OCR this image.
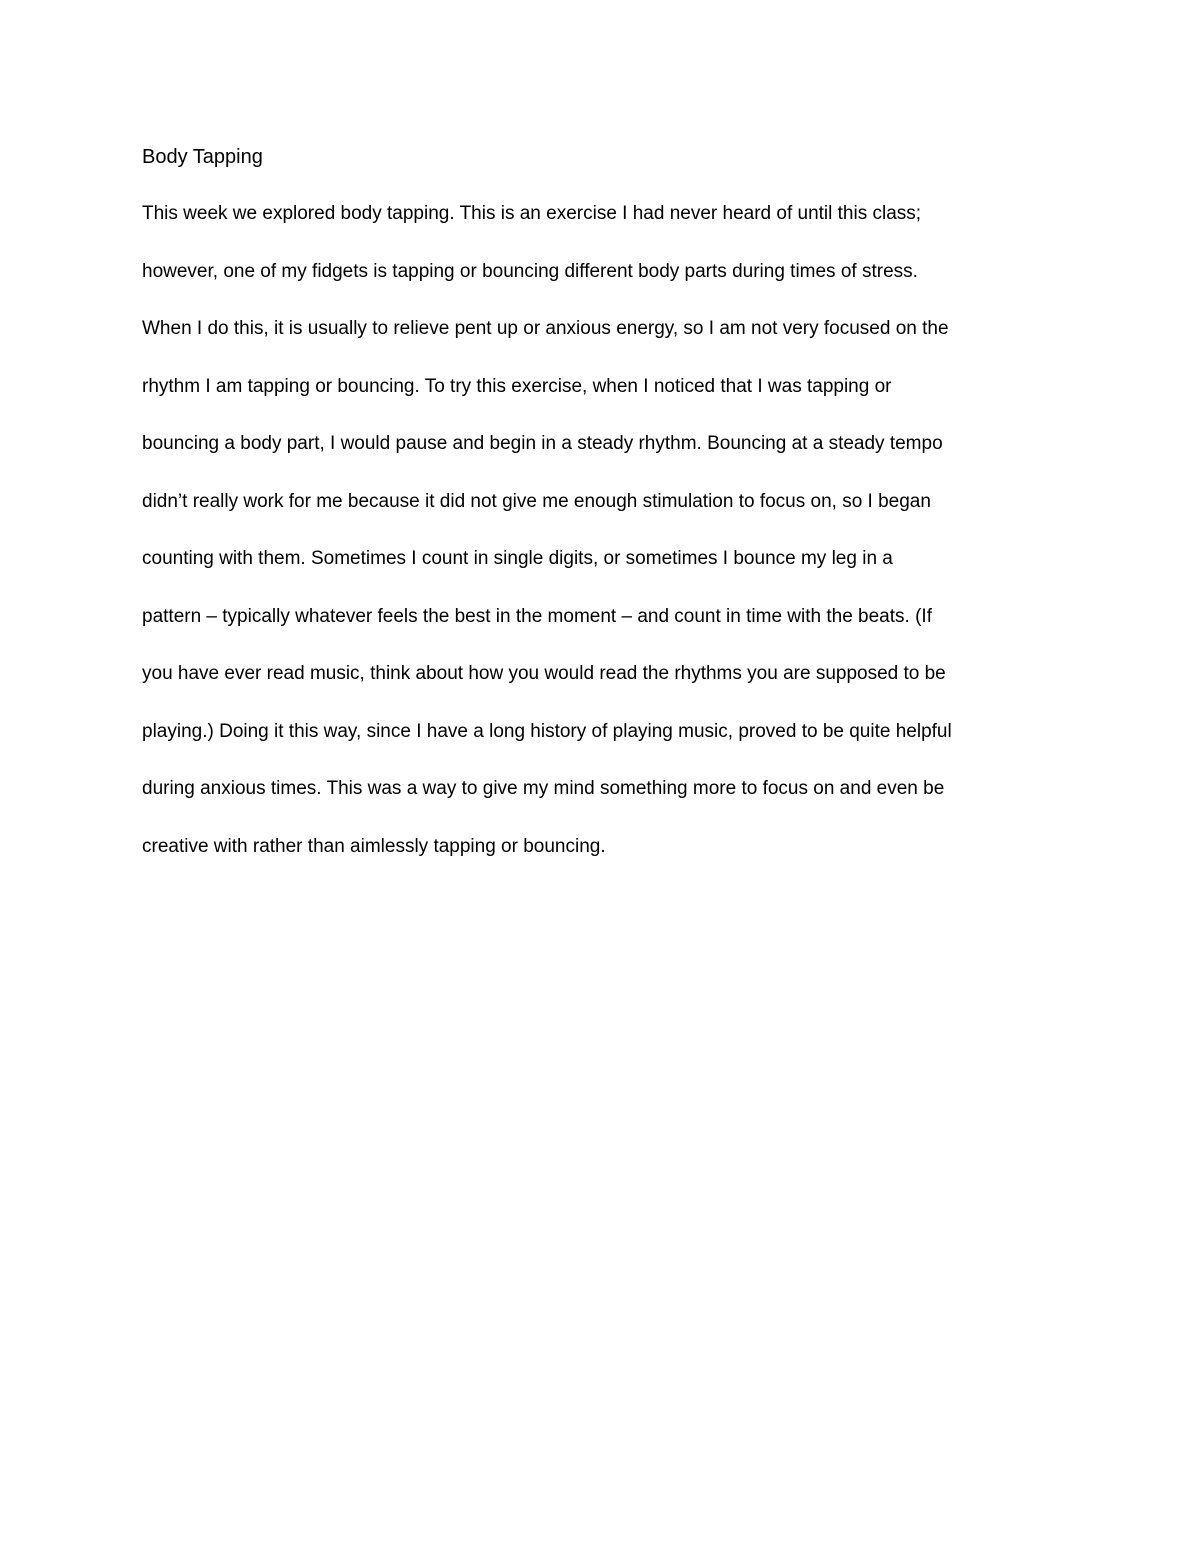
Body Tapping
This week we explored body tapping. This is an exercise I had never heard of until this class;
however, one of my fidgets is tapping or bouncing different body parts during times of stress.
When I do this, it is usually to relieve pent up or anxious energy, so I am not very focused on the
rhythm I am tapping or bouncing. To try this exercise, when I noticed that I was tapping or
bouncing a body part, I would pause and begin in a steady rhythm. Bouncing at a steady tempo
didn’t really work for me because it did not give me enough stimulation to focus on, so I began
counting with them. Sometimes I count in single digits, or sometimes I bounce my leg in a
pattern – typically whatever feels the best in the moment – and count in time with the beats. (If
you have ever read music, think about how you would read the rhythms you are supposed to be
playing.) Doing it this way, since I have a long history of playing music, proved to be quite helpful
during anxious times. This was a way to give my mind something more to focus on and even be
creative with rather than aimlessly tapping or bouncing.
